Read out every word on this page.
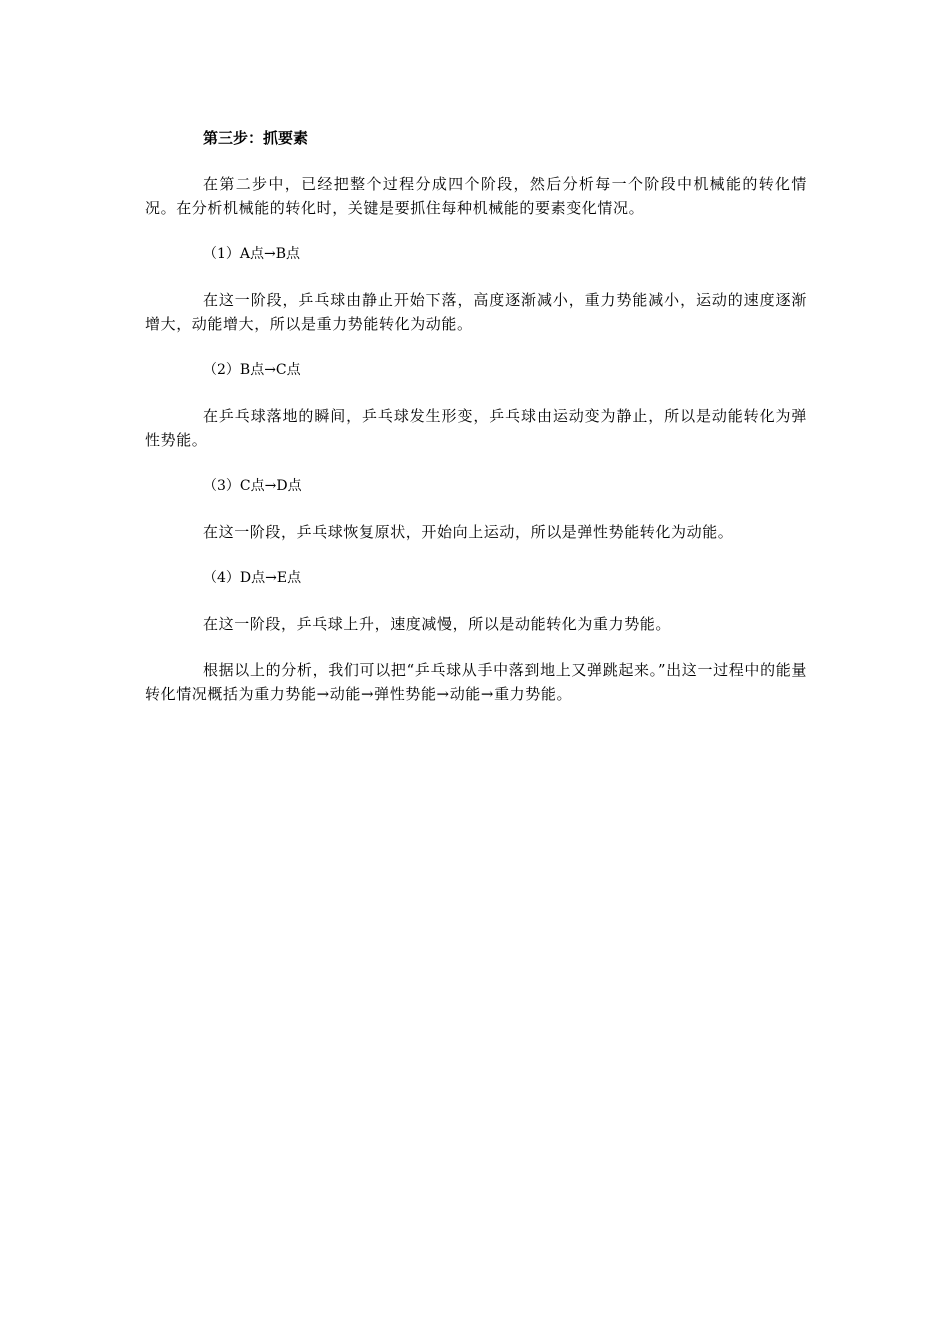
第三步：抓要素

在第二步中，已经把整个过程分成四个阶段，然后分析每一个阶段中机械能的转化情况。在分析机械能的转化时，关键是要抓住每种机械能的要素变化情况。

（1）A点→B点

在这一阶段，乒乓球由静止开始下落，高度逐渐减小，重力势能减小，运动的速度逐渐增大，动能增大，所以是重力势能转化为动能。

（2）B点→C点

在乒乓球落地的瞬间，乒乓球发生形变，乒乓球由运动变为静止，所以是动能转化为弹性势能。

（3）C点→D点

在这一阶段，乒乓球恢复原状，开始向上运动，所以是弹性势能转化为动能。

（4）D点→E点

在这一阶段，乒乓球上升，速度减慢，所以是动能转化为重力势能。

根据以上的分析，我们可以把“乒乓球从手中落到地上又弹跳起来。”出这一过程中的能量转化情况概括为重力势能→动能→弹性势能→动能→重力势能。
